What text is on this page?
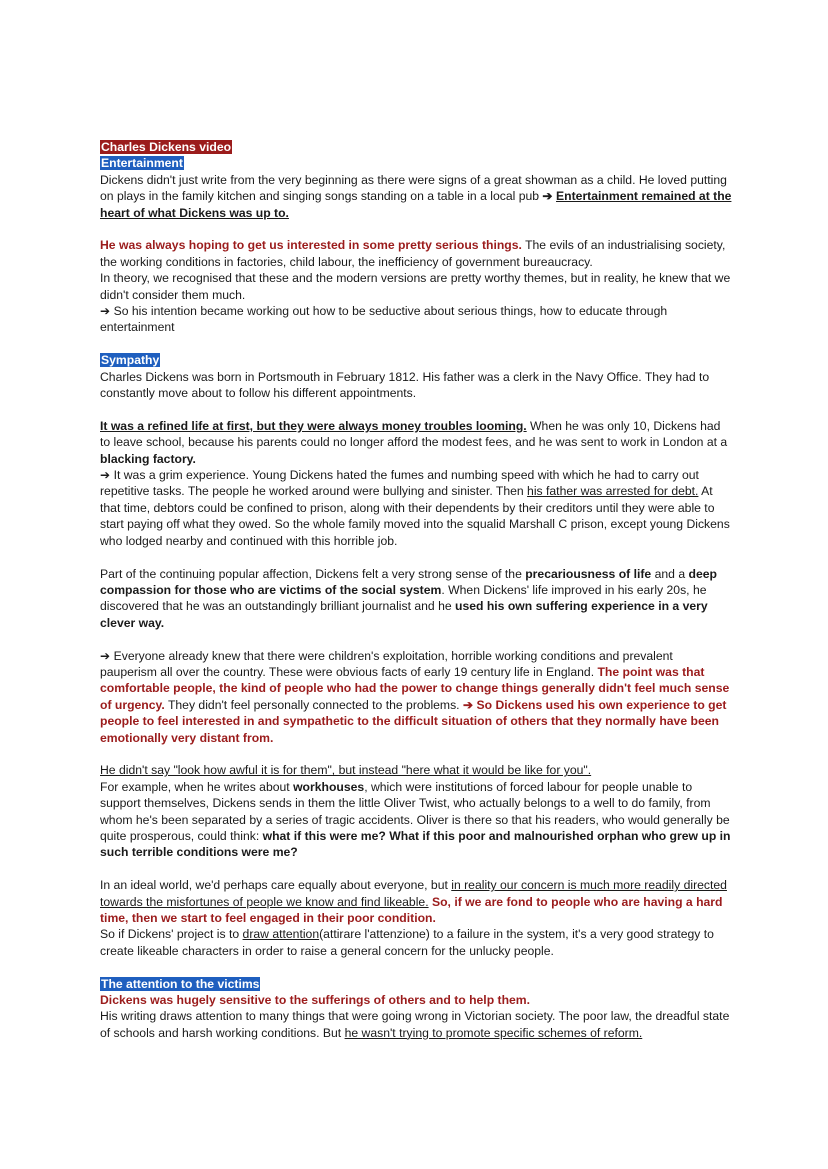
Charles Dickens video
Entertainment

Dickens didn't just write from the very beginning as there were signs of a great showman as a child. He loved putting on plays in the family kitchen and singing songs standing on a table in a local pub ➔ Entertainment remained at the heart of what Dickens was up to.

He was always hoping to get us interested in some pretty serious things. The evils of an industrialising society, the working conditions in factories, child labour, the inefficiency of government bureaucracy.

In theory, we recognised that these and the modern versions are pretty worthy themes, but in reality, he knew that we didn't consider them much.

➔ So his intention became working out how to be seductive about serious things, how to educate through entertainment

Sympathy

Charles Dickens was born in Portsmouth in February 1812. His father was a clerk in the Navy Office. They had to constantly move about to follow his different appointments.

It was a refined life at first, but they were always money troubles looming. When he was only 10, Dickens had to leave school, because his parents could no longer afford the modest fees, and he was sent to work in London at a blacking factory.

➔ It was a grim experience. Young Dickens hated the fumes and numbing speed with which he had to carry out repetitive tasks. The people he worked around were bullying and sinister. Then his father was arrested for debt. At that time, debtors could be confined to prison, along with their dependents by their creditors until they were able to start paying off what they owed. So the whole family moved into the squalid Marshall C prison, except young Dickens who lodged nearby and continued with this horrible job.

Part of the continuing popular affection, Dickens felt a very strong sense of the precariousness of life and a deep compassion for those who are victims of the social system. When Dickens' life improved in his early 20s, he discovered that he was an outstandingly brilliant journalist and he used his own suffering experience in a very clever way.

➔ Everyone already knew that there were children's exploitation, horrible working conditions and prevalent pauperism all over the country. These were obvious facts of early 19 century life in England. The point was that comfortable people, the kind of people who had the power to change things generally didn't feel much sense of urgency. They didn't feel personally connected to the problems. ➔ So Dickens used his own experience to get people to feel interested in and sympathetic to the difficult situation of others that they normally have been emotionally very distant from.

He didn't say "look how awful it is for them", but instead "here what it would be like for you".

For example, when he writes about workhouses, which were institutions of forced labour for people unable to support themselves, Dickens sends in them the little Oliver Twist, who actually belongs to a well to do family, from whom he's been separated by a series of tragic accidents. Oliver is there so that his readers, who would generally be quite prosperous, could think: what if this were me? What if this poor and malnourished orphan who grew up in such terrible conditions were me?

In an ideal world, we'd perhaps care equally about everyone, but in reality our concern is much more readily directed towards the misfortunes of people we know and find likeable. So, if we are fond to people who are having a hard time, then we start to feel engaged in their poor condition.

So if Dickens' project is to draw attention(attirare l'attenzione) to a failure in the system, it's a very good strategy to create likeable characters in order to raise a general concern for the unlucky people.

The attention to the victims

Dickens was hugely sensitive to the sufferings of others and to help them.

His writing draws attention to many things that were going wrong in Victorian society. The poor law, the dreadful state of schools and harsh working conditions. But he wasn't trying to promote specific schemes of reform.
